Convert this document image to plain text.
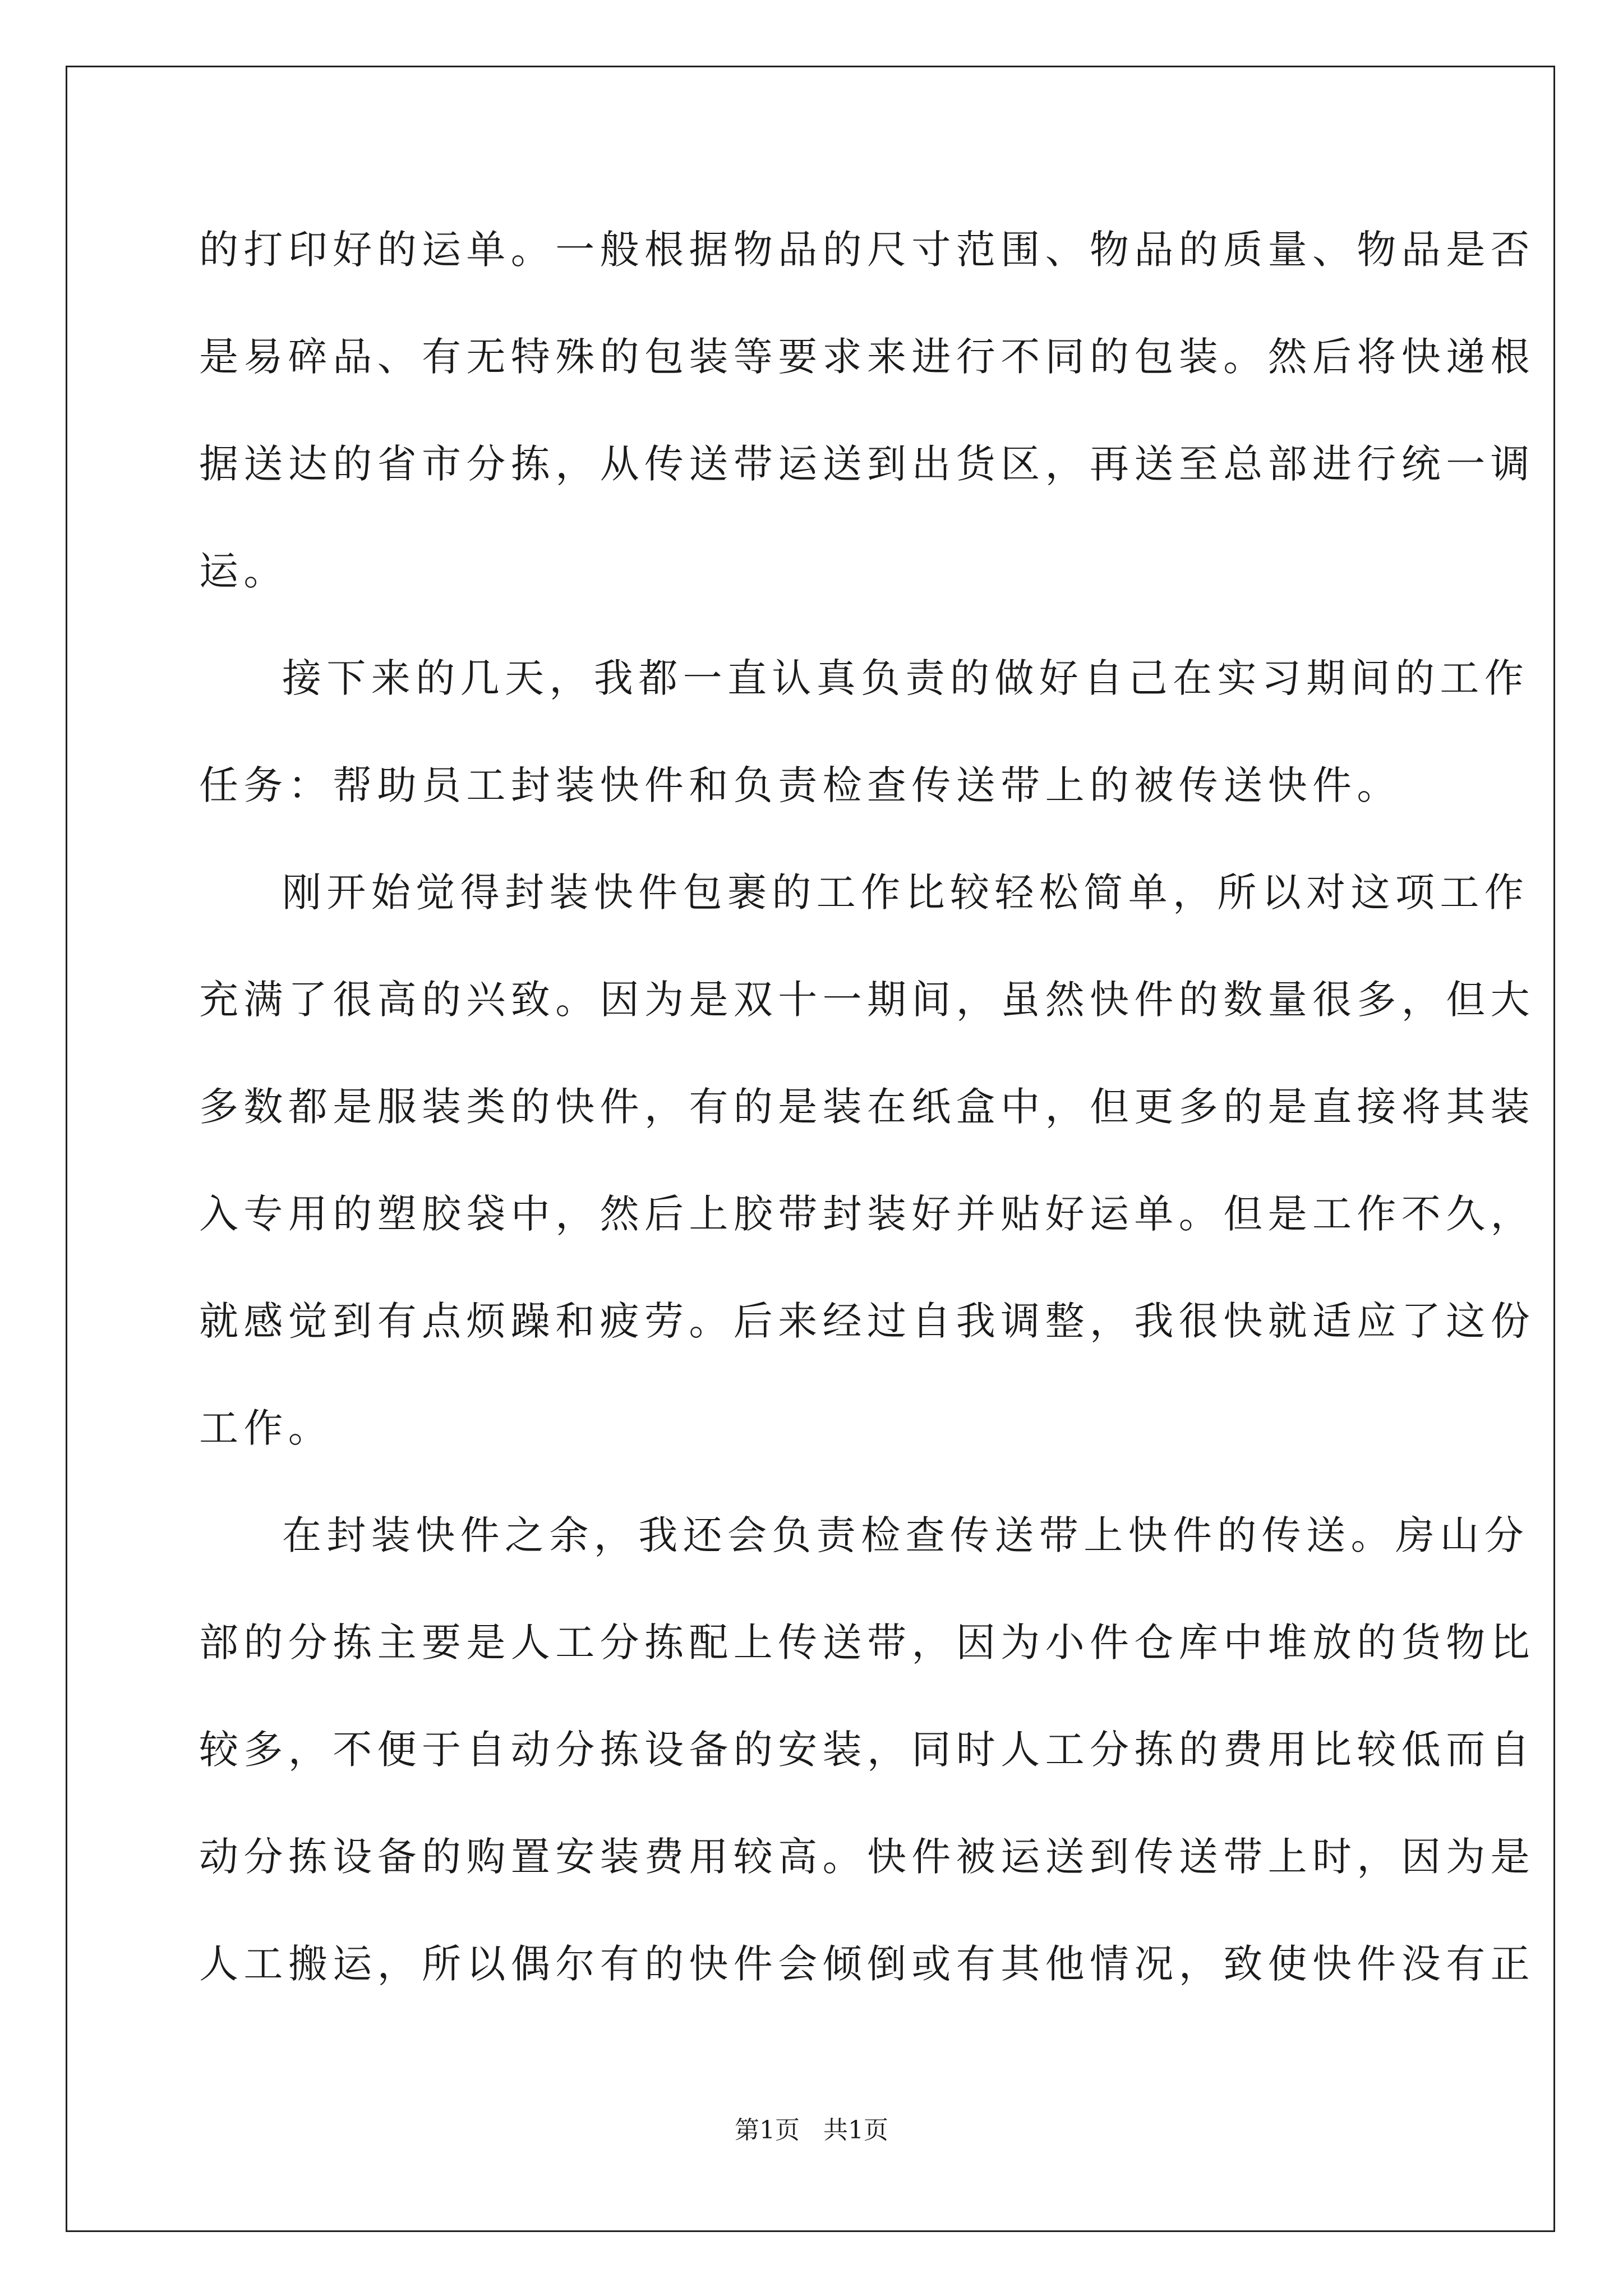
的打印好的运单。一般根据物品的尺寸范围、物品的质量、物品是否
是易碎品、有无特殊的包装等要求来进行不同的包装。然后将快递根
据送达的省市分拣，从传送带运送到出货区，再送至总部进行统一调
运。
接下来的几天，我都一直认真负责的做好自己在实习期间的工作
任务：帮助员工封装快件和负责检查传送带上的被传送快件。
刚开始觉得封装快件包裹的工作比较轻松简单，所以对这项工作
充满了很高的兴致。因为是双十一期间，虽然快件的数量很多，但大
多数都是服装类的快件，有的是装在纸盒中，但更多的是直接将其装
入专用的塑胶袋中，然后上胶带封装好并贴好运单。但是工作不久，
就感觉到有点烦躁和疲劳。后来经过自我调整，我很快就适应了这份
工作。
在封装快件之余，我还会负责检查传送带上快件的传送。房山分
部的分拣主要是人工分拣配上传送带，因为小件仓库中堆放的货物比
较多，不便于自动分拣设备的安装，同时人工分拣的费用比较低而自
动分拣设备的购置安装费用较高。快件被运送到传送带上时，因为是
人工搬运，所以偶尔有的快件会倾倒或有其他情况，致使快件没有正
第1页   共1页
